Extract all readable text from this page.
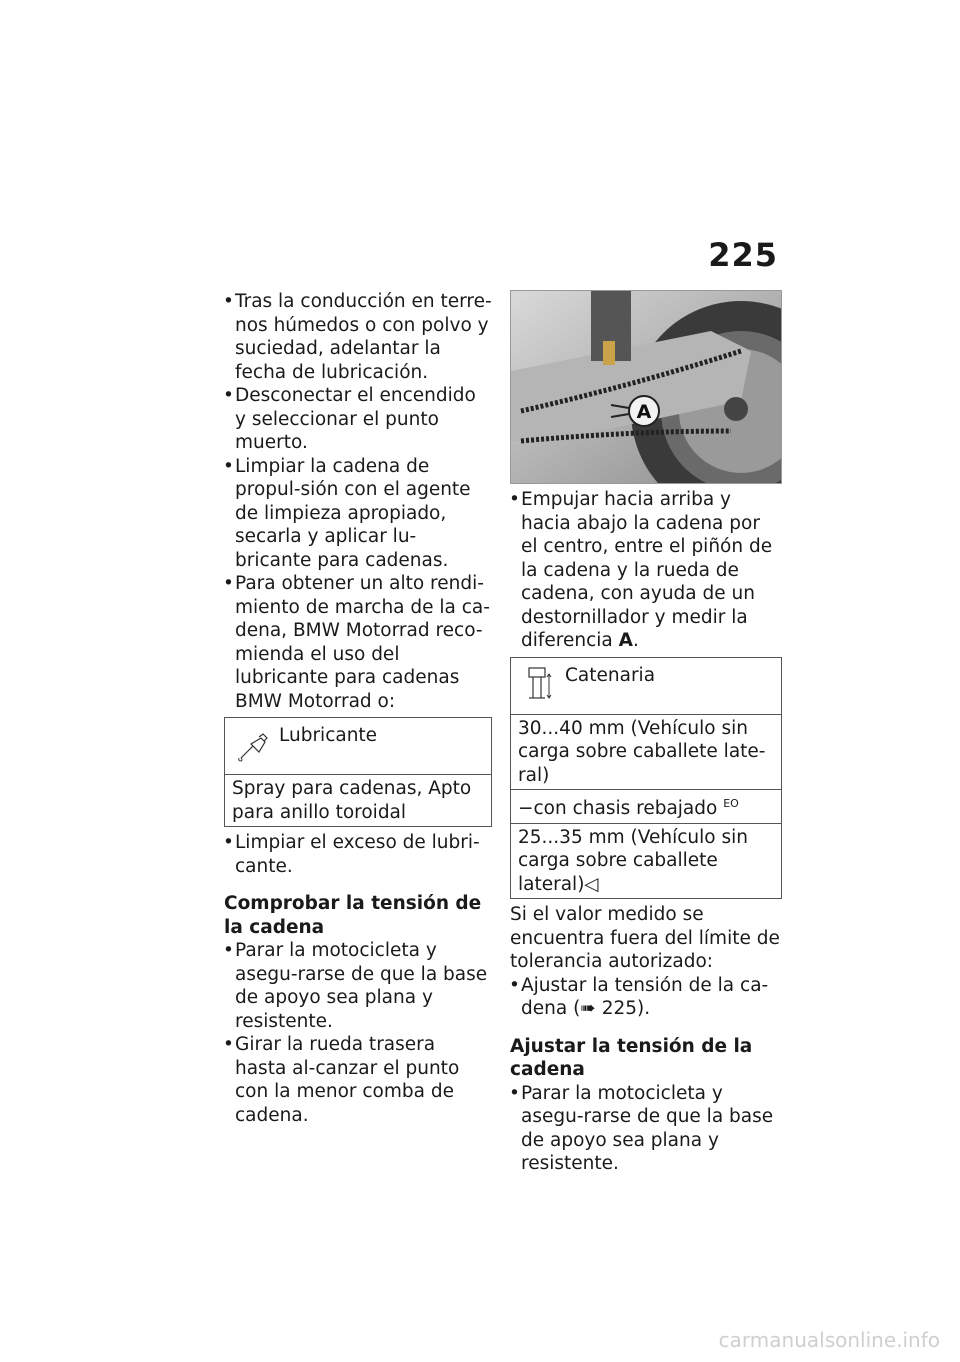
225

• Tras la conducción en terre-nos húmedos o con polvo y suciedad, adelantar la fecha de lubricación.

• Desconectar el encendido y seleccionar el punto muerto.

• Limpiar la cadena de propul-sión con el agente de limpieza apropiado, secarla y aplicar lu-bricante para cadenas.

• Para obtener un alto rendi-miento de marcha de la ca-dena, BMW Motorrad reco-mienda el uso del lubricante para cadenas BMW Motorrad o:

Lubricante
Spray para cadenas, Apto para anillo toroidal

• Limpiar el exceso de lubri-cante.

Comprobar la tensión de la cadena

• Parar la motocicleta y asegu-rarse de que la base de apoyo sea plana y resistente.

• Girar la rueda trasera hasta al-canzar el punto con la menor comba de cadena.

A

• Empujar hacia arriba y hacia abajo la cadena por el centro, entre el piñón de la cadena y la rueda de cadena, con ayuda de un destornillador y medir la diferencia A.

Catenaria
30...40 mm (Vehículo sin carga sobre caballete late-ral)
−con chasis rebajado $^{EO}$
25...35 mm (Vehículo sin carga sobre caballete lateral)◁

Si el valor medido se encuentra fuera del límite de tolerancia autorizado:

• Ajustar la tensión de la ca-dena (➠ 225).

Ajustar la tensión de la cadena

• Parar la motocicleta y asegu-rarse de que la base de apoyo sea plana y resistente.

carmanualsonline.info
